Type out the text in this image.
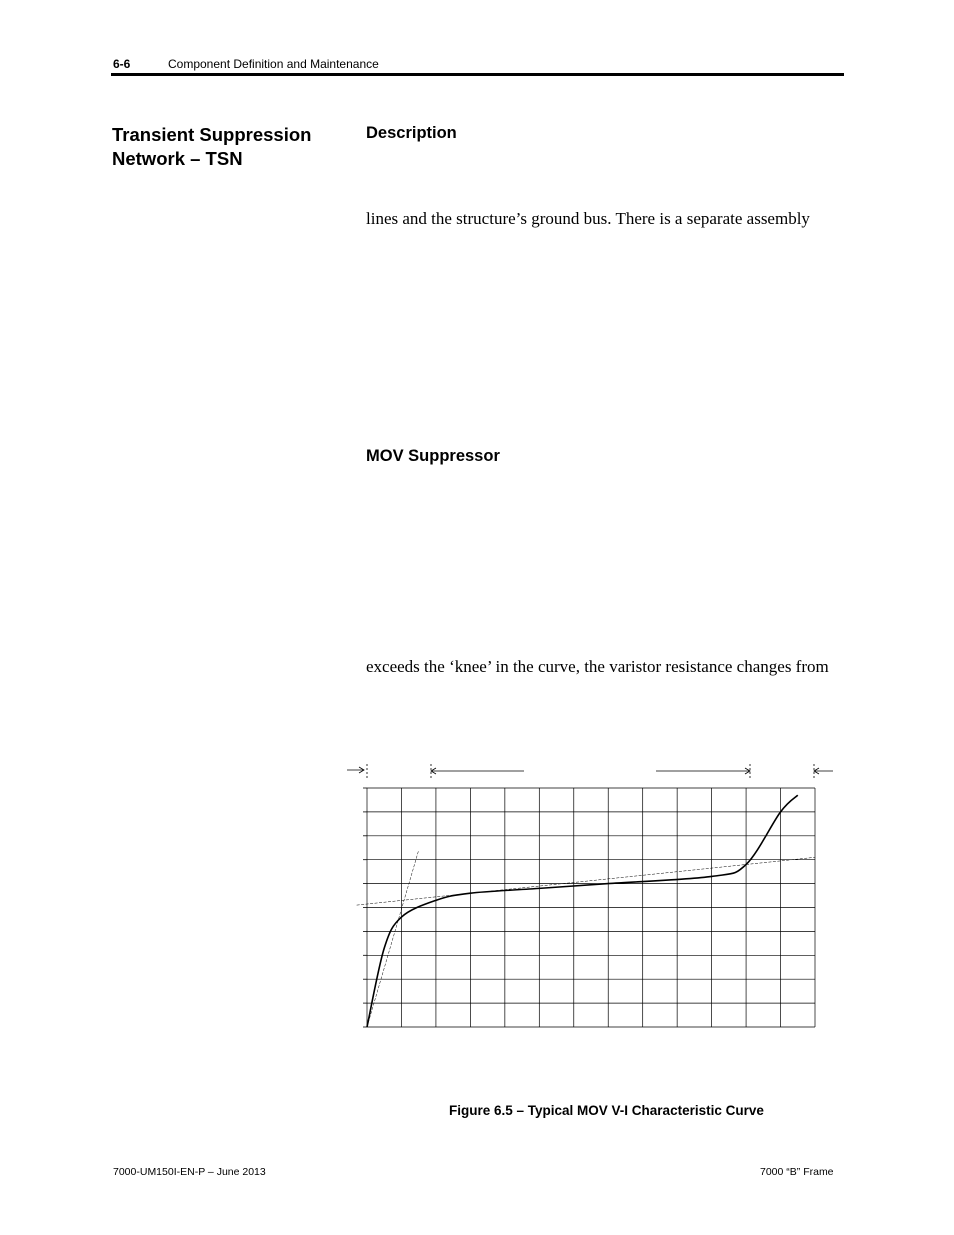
6-6	Component Definition and Maintenance
Transient Suppression Network – TSN
Description
lines and the structure’s ground bus. There is a separate assembly
MOV Suppressor
exceeds the ‘knee’ in the curve, the varistor resistance changes from
Figure 6.5 – Typical MOV V-I Characteristic Curve
7000-UM150I-EN-P – June 2013	7000 “B” Frame
